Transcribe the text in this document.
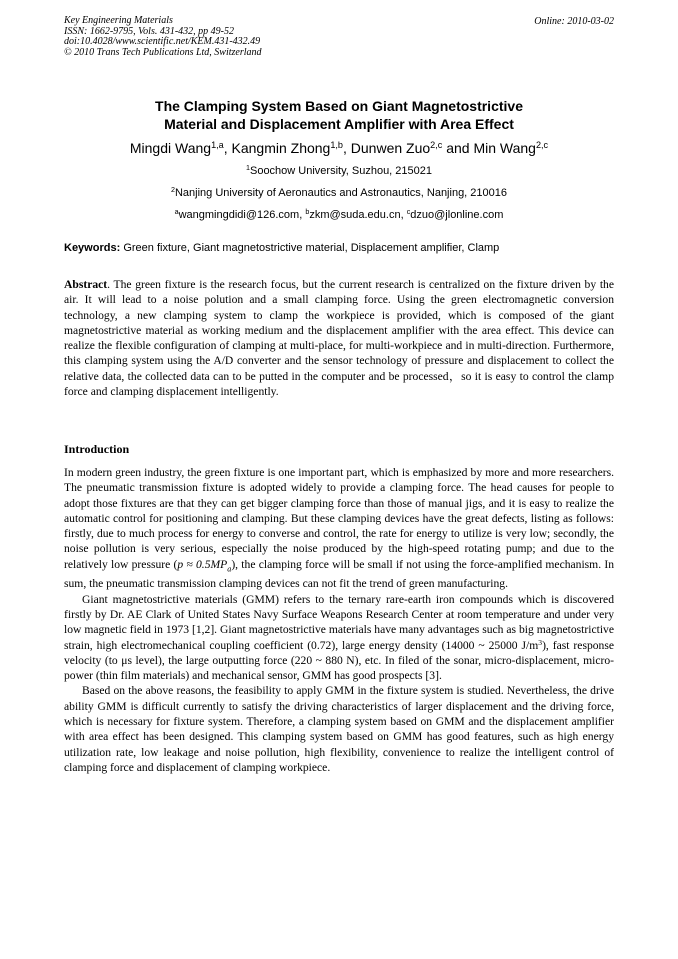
Key Engineering Materials
ISSN: 1662-9795, Vols. 431-432, pp 49-52
doi:10.4028/www.scientific.net/KEM.431-432.49
© 2010 Trans Tech Publications Ltd, Switzerland
Online: 2010-03-02
The Clamping System Based on Giant Magnetostrictive
Material and Displacement Amplifier with Area Effect
Mingdi Wang$^{1,a}$, Kangmin Zhong$^{1,b}$, Dunwen Zuo$^{2,c}$ and Min Wang$^{2,c}$
$^1$Soochow University, Suzhou, 215021
$^2$Nanjing University of Aeronautics and Astronautics, Nanjing, 210016
$^a$wangmingdidi@126.com, $^b$zkm@suda.edu.cn, $^c$dzuo@jlonline.com
Keywords: Green fixture, Giant magnetostrictive material, Displacement amplifier, Clamp

Abstract. The green fixture is the research focus, but the current research is centralized on the fixture driven by the air. It will lead to a noise polution and a small clamping force. Using the green electromagnetic conversion technology, a new clamping system to clamp the workpiece is provided, which is composed of the giant magnetostrictive material as working medium and the displacement amplifier with the area effect. This device can realize the flexible configuration of clamping at multi-place, for multi-workpiece and in multi-direction. Furthermore, this clamping system using the A/D converter and the sensor technology of pressure and displacement to collect the relative data, the collected data can to be putted in the computer and be processed，so it is easy to control the clamp force and clamping displacement intelligently.

Introduction

In modern green industry, the green fixture is one important part, which is emphasized by more and more researchers. The pneumatic transmission fixture is adopted widely to provide a clamping force. The head causes for people to adopt those fixtures are that they can get bigger clamping force than those of manual jigs, and it is easy to realize the automatic control for positioning and clamping. But these clamping devices have the great defects, listing as follows: firstly, due to much process for energy to converse and control, the rate for energy to utilize is very low; secondly, the noise pollution is very serious, especially the noise produced by the high-speed rotating pump; and due to the relatively low pressure $(p \approx 0.5MP_a)$, the clamping force will be small if not using the force-amplified mechanism. In sum, the pneumatic transmission clamping devices can not fit the trend of green manufacturing.

Giant magnetostrictive materials (GMM) refers to the ternary rare-earth iron compounds which is discovered firstly by Dr. AE Clark of United States Navy Surface Weapons Research Center at room temperature and under very low magnetic field in 1973 [1,2]. Giant magnetostrictive materials have many advantages such as big magnetostrictive strain, high electromechanical coupling coefficient (0.72), large energy density (14000 ~ 25000 $J/m^3$), fast response velocity (to μs level), the large outputting force (220 ~ 880 N), etc. In filed of the sonar, micro-displacement, micro-power (thin film materials) and mechanical sensor, GMM has good prospects [3].

Based on the above reasons, the feasibility to apply GMM in the fixture system is studied. Nevertheless, the drive ability GMM is difficult currently to satisfy the driving characteristics of larger displacement and the driving force, which is necessary for fixture system. Therefore, a clamping system based on GMM and the displacement amplifier with area effect has been designed. This clamping system based on GMM has good features, such as high energy utilization rate, low leakage and noise pollution, high flexibility, convenience to realize the intelligent control of clamping force and displacement of clamping workpiece.
